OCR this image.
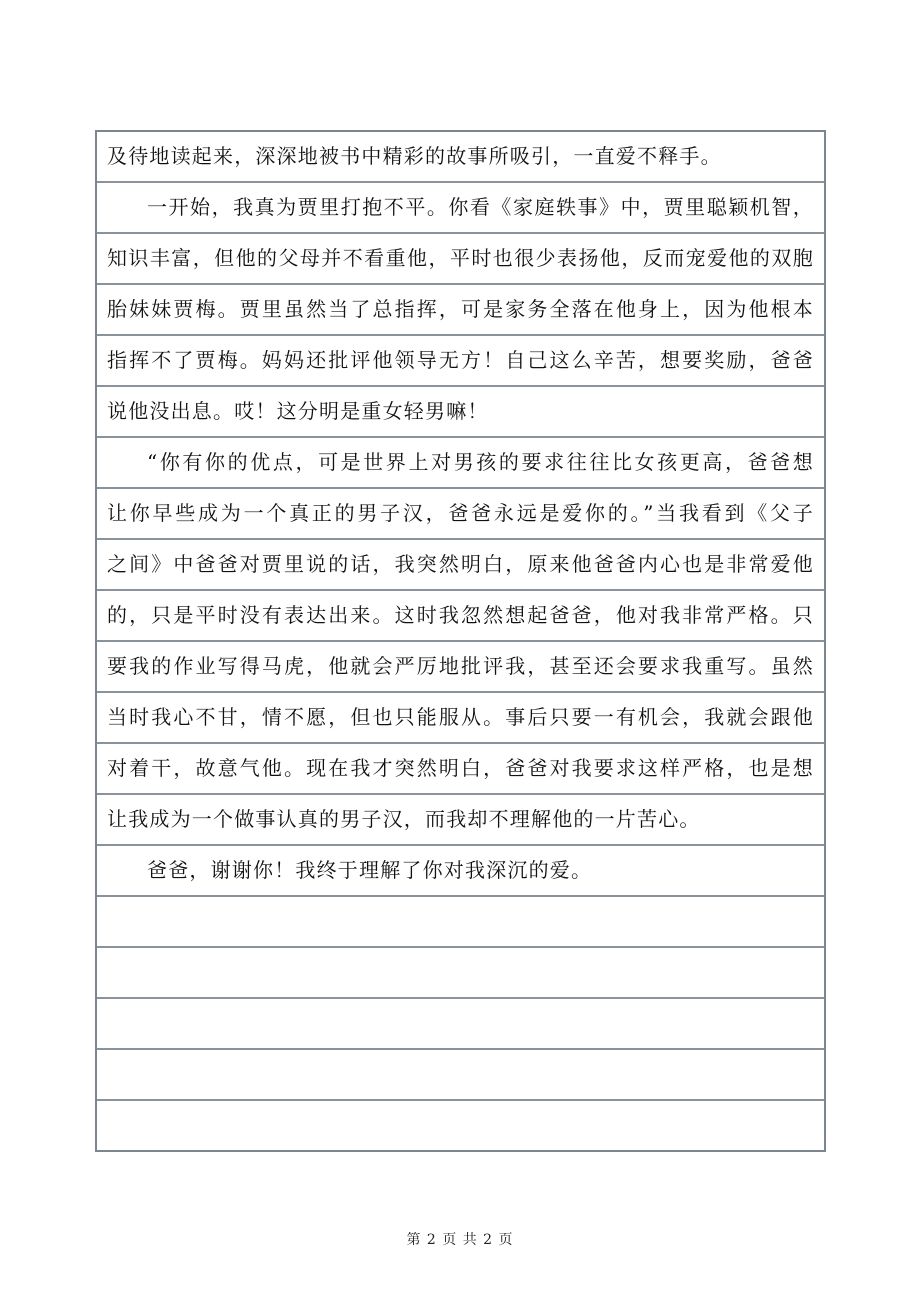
及待地读起来，深深地被书中精彩的故事所吸引，一直爱不释手。
一开始，我真为贾里打抱不平。你看《家庭轶事》中，贾里聪颖机智，
知识丰富，但他的父母并不看重他，平时也很少表扬他，反而宠爱他的双胞
胎妹妹贾梅。贾里虽然当了总指挥，可是家务全落在他身上，因为他根本
指挥不了贾梅。妈妈还批评他领导无方！自己这么辛苦，想要奖励，爸爸
说他没出息。哎！这分明是重女轻男嘛！
“你有你的优点，可是世界上对男孩的要求往往比女孩更高，爸爸想
让你早些成为一个真正的男子汉，爸爸永远是爱你的。”当我看到《父子
之间》中爸爸对贾里说的话，我突然明白，原来他爸爸内心也是非常爱他
的，只是平时没有表达出来。这时我忽然想起爸爸，他对我非常严格。只
要我的作业写得马虎，他就会严厉地批评我，甚至还会要求我重写。虽然
当时我心不甘，情不愿，但也只能服从。事后只要一有机会，我就会跟他
对着干，故意气他。现在我才突然明白，爸爸对我要求这样严格，也是想
让我成为一个做事认真的男子汉，而我却不理解他的一片苦心。
爸爸，谢谢你！我终于理解了你对我深沉的爱。
第 2 页 共 2 页
